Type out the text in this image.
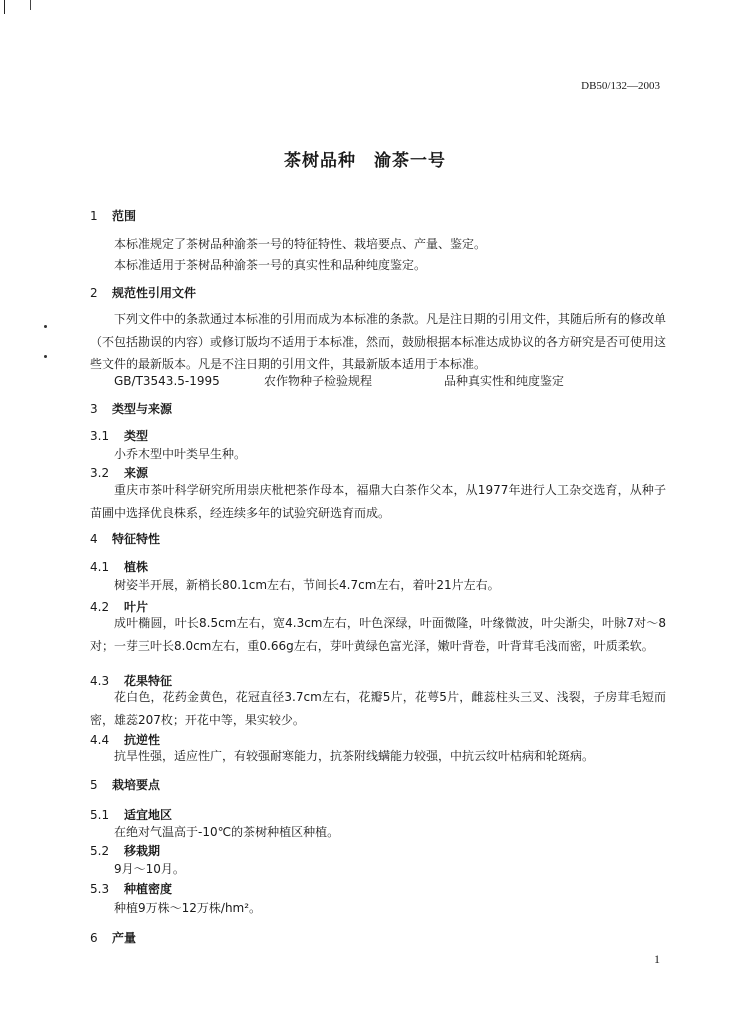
DB50/132—2003
茶树品种 渝茶一号
1 范围
本标准规定了茶树品种渝茶一号的特征特性、栽培要点、产量、鉴定。
本标准适用于茶树品种渝茶一号的真实性和品种纯度鉴定。
2 规范性引用文件
下列文件中的条款通过本标准的引用而成为本标准的条款。凡是注日期的引用文件，其随后所有的修改单（不包括勘误的内容）或修订版均不适用于本标准，然而，鼓励根据本标准达成协议的各方研究是否可使用这些文件的最新版本。凡是不注日期的引用文件，其最新版本适用于本标准。
GB/T3543.5-1995	农作物种子检验规程	品种真实性和纯度鉴定
3 类型与来源
3.1 类型
小乔木型中叶类早生种。
3.2 来源
重庆市茶叶科学研究所用崇庆枇杷茶作母本，福鼎大白茶作父本，从1977年进行人工杂交选育，从种子苗圃中选择优良株系，经连续多年的试验究研选育而成。
4 特征特性
4.1 植株
树姿半开展，新梢长80.1cm左右，节间长4.7cm左右，着叶21片左右。
4.2 叶片
成叶椭圆，叶长8.5cm左右，宽4.3cm左右，叶色深绿，叶面微隆，叶缘微波，叶尖渐尖，叶脉7对～8对；一芽三叶长8.0cm左右，重0.66g左右，芽叶黄绿色富光泽，嫩叶背卷，叶背茸毛浅而密，叶质柔软。
4.3 花果特征
花白色，花药金黄色，花冠直径3.7cm左右，花瓣5片，花萼5片，雌蕊柱头三叉、浅裂，子房茸毛短而密，雄蕊207枚；开花中等，果实较少。
4.4 抗逆性
抗旱性强，适应性广，有较强耐寒能力，抗茶附线螨能力较强，中抗云纹叶枯病和轮斑病。
5 栽培要点
5.1 适宜地区
在绝对气温高于-10℃的茶树种植区种植。
5.2 移栽期
9月～10月。
5.3 种植密度
种植9万株～12万株/hm²。
6 产量
1
